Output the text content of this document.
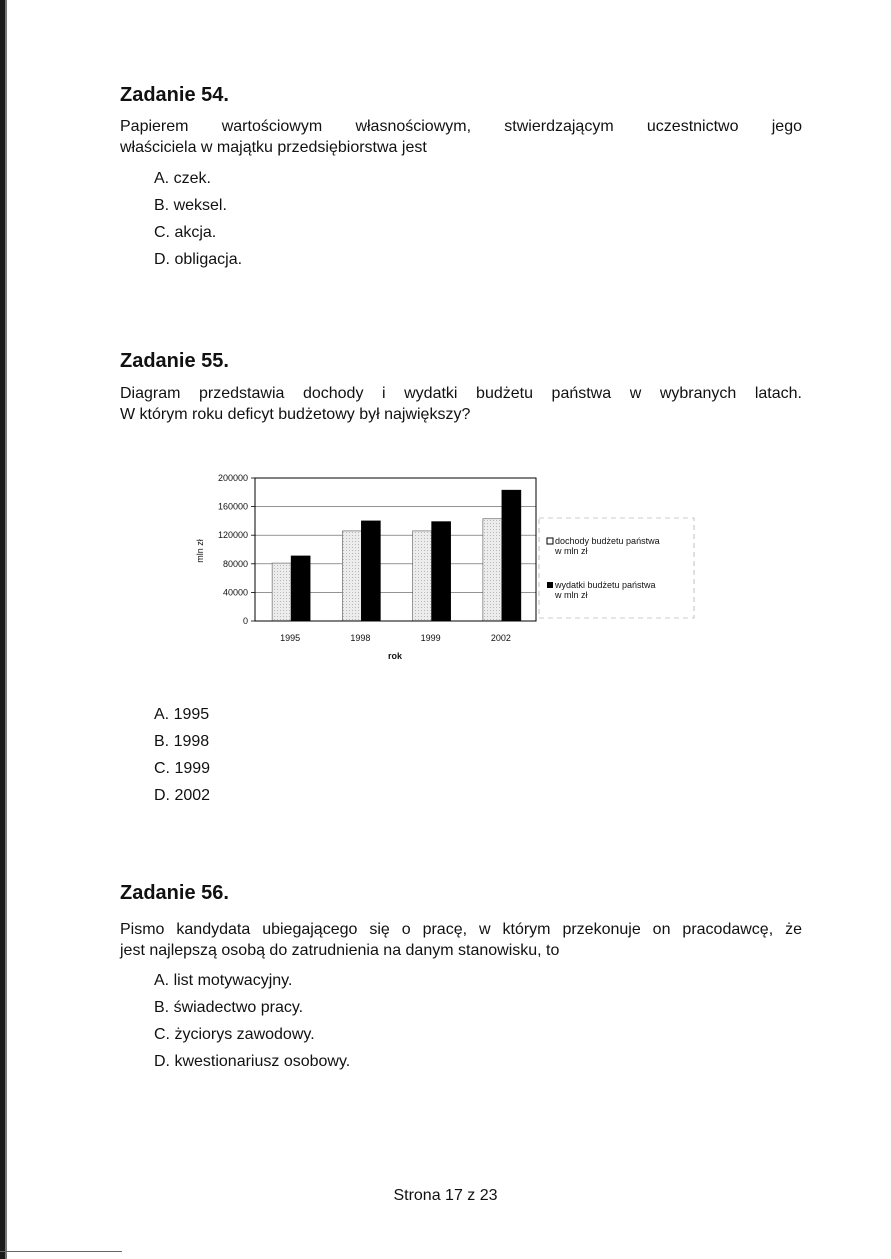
Zadanie 54.

Papierem wartościowym własnościowym, stwierdzającym uczestnictwo jego
właściciela w majątku przedsiębiorstwa jest

A. czek.
B. weksel.
C. akcja.
D. obligacja.
Zadanie 55.

Diagram przedstawia dochody i wydatki budżetu państwa w wybranych latach.
W którym roku deficyt budżetowy był największy?

0
40000
80000
120000
160000
200000
1995	1998	1999	2002
mln zł
rok
dochody budżetu państwa
w mln zł
wydatki budżetu państwa
w mln zł
A. 1995
B. 1998
C. 1999
D. 2002
Zadanie 56.

Pismo kandydata ubiegającego się o pracę, w którym przekonuje on pracodawcę, że
jest najlepszą osobą do zatrudnienia na danym stanowisku, to

A. list motywacyjny.
B. świadectwo pracy.
C. życiorys zawodowy.
D. kwestionariusz osobowy.
Strona 17 z 23
